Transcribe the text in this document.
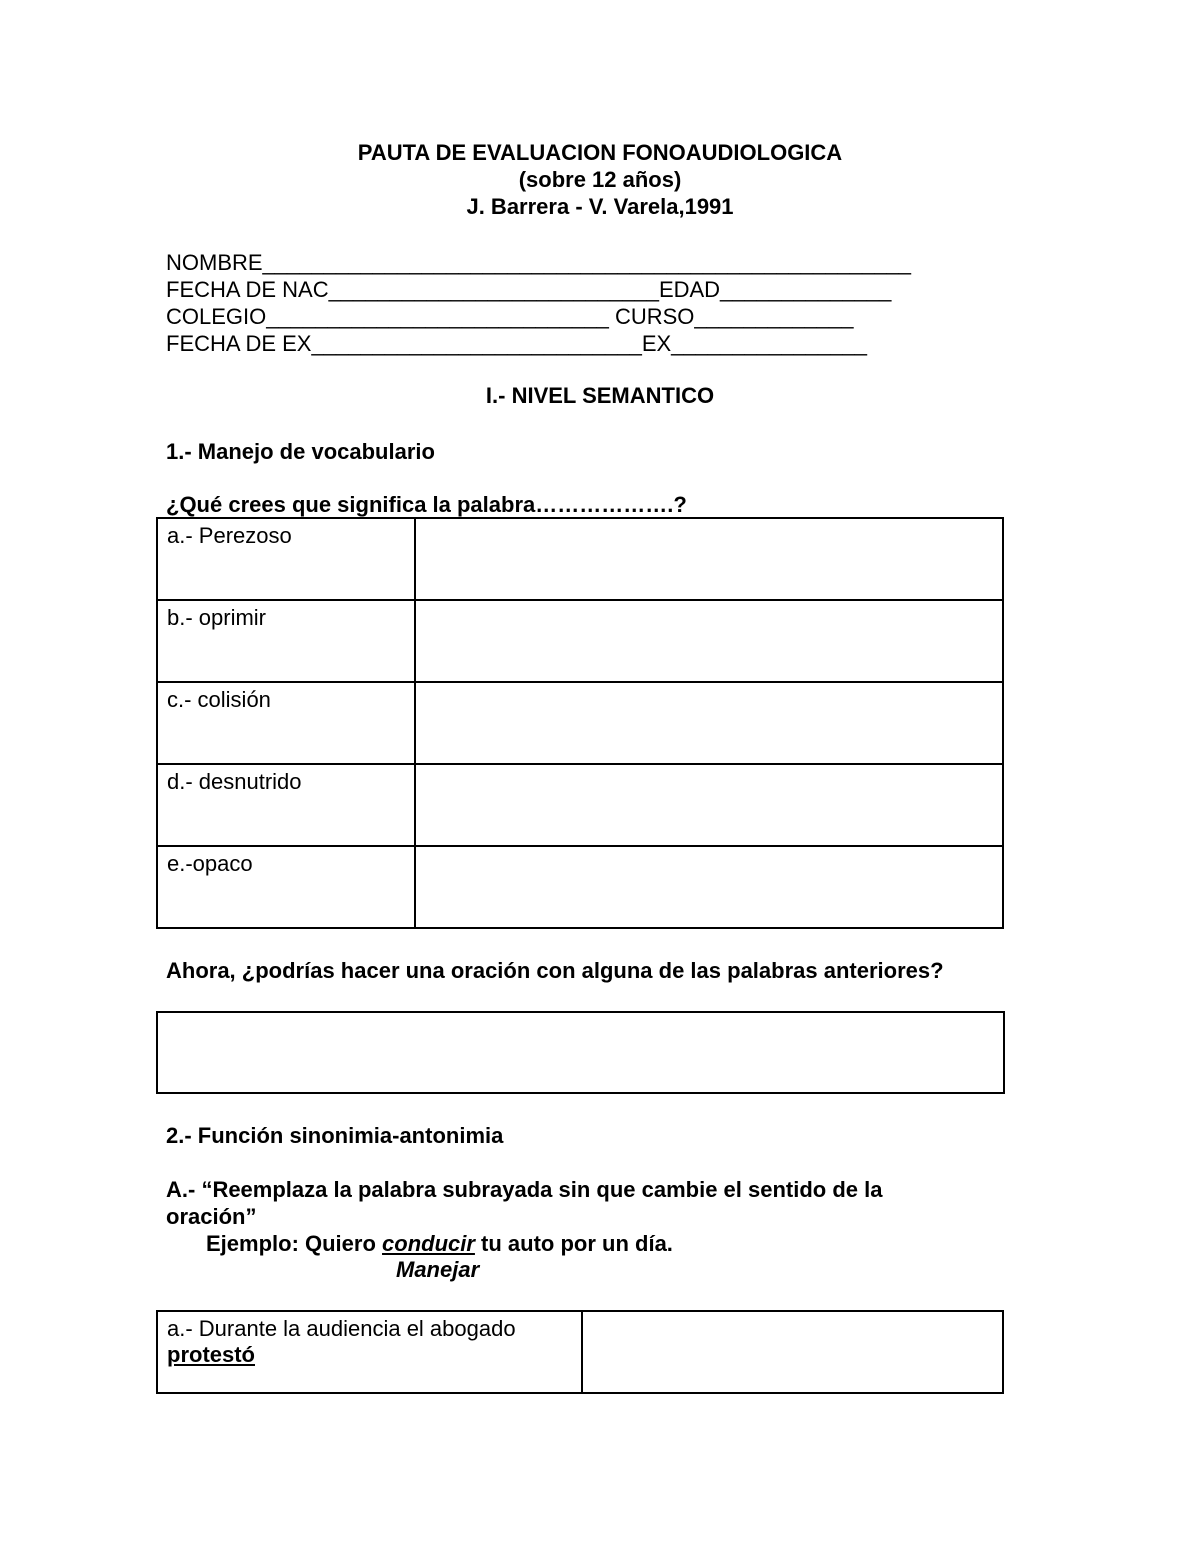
PAUTA DE EVALUACION FONOAUDIOLOGICA
(sobre 12 años)
J. Barrera - V. Varela,1991
NOMBRE_____________________________________________________
FECHA DE NAC___________________________EDAD______________
COLEGIO____________________________ CURSO_____________
FECHA DE EX___________________________EX________________
I.- NIVEL SEMANTICO
1.- Manejo de vocabulario
¿Qué crees que significa la palabra……………….?
a.- Perezoso	
b.- oprimir	
c.- colisión	
d.- desnutrido	
e.-opaco	
Ahora, ¿podrías hacer una oración con alguna de las palabras anteriores?
2.- Función sinonimia-antonimia
A.- “Reemplaza la palabra subrayada sin que cambie el sentido de la
oración”
Ejemplo: Quiero conducir tu auto por un día.
Manejar
a.- Durante la audiencia el abogado
protestó	
